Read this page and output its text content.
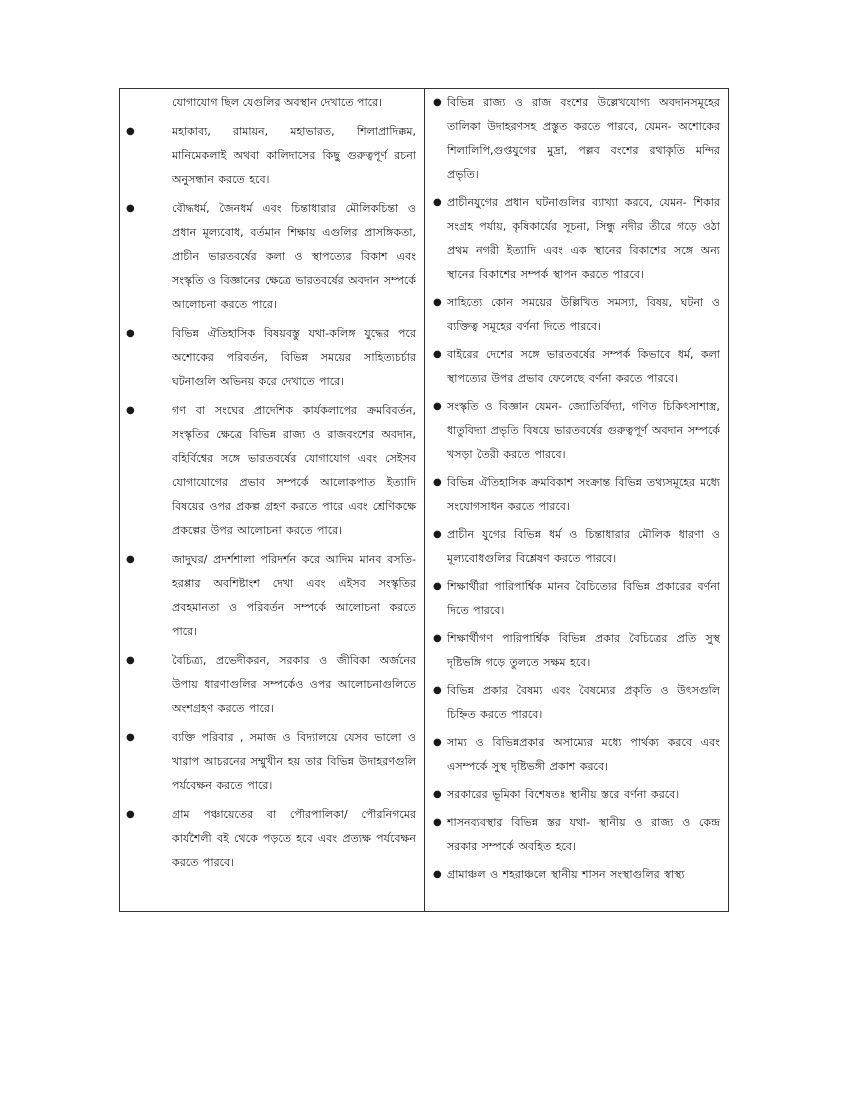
যোগাযোগ ছিল যেগুলির অবস্থান দেখাতে পারে।

●	মহাকাব্য, রামায়ন, মহাভারত, শিলাপ্রাদিক্কম, মানিমেকলাই অথবা কালিদাসের কিছু গুরুত্বপূর্ণ রচনা অনুসন্ধান করতে হবে।
●	বৌদ্ধধর্ম, জৈনধর্ম এবং চিন্তাধারার মৌলিকচিন্তা ও প্রধান মূল্যবোধ, বর্তমান শিক্ষায় এগুলির প্রাসঙ্গিকতা, প্রাচীন ভারতবর্ষের কলা ও স্থাপত্যের বিকাশ এবং সংস্কৃতি ও বিজ্ঞানের ক্ষেত্রে ভারতবর্ষের অবদান সম্পর্কে আলোচনা করতে পারে।
●	বিভিন্ন ঐতিহাসিক বিষয়বস্তু যথা-কলিঙ্গ যুদ্ধের পরে অশোকের পরিবর্তন, বিভিন্ন সময়ের সাহিত্যচর্চার ঘটনাগুলি অভিনয় করে দেখাতে পারে।
●	গণ বা সংঘের প্রাদেশিক কার্যকলাপের ক্রমবিবর্তন, সংস্কৃতির ক্ষেত্রে বিভিন্ন রাজ্য ও রাজবংশের অবদান, বহির্বিশ্বের সঙ্গে ভারতবর্ষের যোগাযোগ এবং সেইসব যোগাযোগের প্রভাব সম্পর্কে আলোকপাত ইত্যাদি বিষয়ের ওপর প্রকল্প গ্রহণ করতে পারে এবং শ্রেণিকক্ষে প্রকল্পের উপর আলোচনা করতে পারে।
●	জাদুঘর/ প্রদর্শশালা পরিদর্শন করে আদিম মানব বসতি-হরপ্পার অবশিষ্টাংশ দেখা এবং এইসব সংস্কৃতির প্রবহমানতা ও পরিবর্তন সম্পর্কে আলোচনা করতে পারে।
●	বৈচিত্র্য, প্রভেদীকরন, সরকার ও জীবিকা অর্জনের উপায় ধারণাগুলির সম্পর্কেও ওপর আলোচনাগুলিতে অংশগ্রহণ করতে পারে।
●	ব্যক্তি পরিবার , সমাজ ও বিদ্যালয়ে যেসব ভালো ও খারাপ আচরনের সম্মুখীন হয় তার বিভিন্ন উদাহরণগুলি পর্যবেক্ষন করতে পারে।
●	গ্রাম পঞ্চায়েতের বা পৌরপালিকা/ পৌরনিগমের কার্যশৈলী বই থেকে পড়তে হবে এবং প্রত্যক্ষ পর্যবেক্ষন করতে পারবে।
● বিভিন্ন রাজ্য ও রাজ বংশের উল্লেখযোগ্য অবদানসমূহের তালিকা উদাহরণসহ প্রস্তুত করতে পারবে, যেমন- অশোকের শিলালিপি,গুপ্তযুগের মুদ্রা, পল্লব বংশের রথাকৃতি মন্দির প্রভৃতি।
● প্রাচীনযুগের প্রধান ঘটনাগুলির ব্যাখ্যা করবে, যেমন- শিকার সংগ্রহ পর্যায়, কৃষিকার্যের সূচনা, সিন্ধু নদীর তীরে গড়ে ওঠা প্রথম নগরী ইত্যাদি এবং এক স্থানের বিকাশের সঙ্গে অন্য স্থানের বিকাশের সম্পর্ক স্থাপন করতে পারবে।
● সাহিত্যে কোন সময়ের উল্লিখিত সমস্যা, বিষয়, ঘটনা ও ব্যক্তিত্ব সমূহের বর্ণনা দিতে পারবে।
● বাইরের দেশের সঙ্গে ভারতবর্ষের সম্পর্ক কিভাবে ধর্ম, কলা স্থাপত্যের উপর প্রভাব ফেলেছে বর্ণনা করতে পারবে।
● সংস্কৃতি ও বিজ্ঞান যেমন- জ্যোতির্বিদ্যা, গণিত চিকিৎসাশাস্ত্র, ধাতুবিদ্যা প্রভৃতি বিষয়ে ভারতবর্ষের গুরুত্বপূর্ণ অবদান সম্পর্কে খসড়া তৈরী করতে পারবে।
● বিভিন্ন ঐতিহাসিক ক্রমবিকাশ সংক্রান্ত বিভিন্ন তথ্যসমূহের মধ্যে সংযোগসাধন করতে পারবে।
● প্রাচীন যুগের বিভিন্ন ধর্ম ও চিন্তাধারার মৌলিক ধারণা ও মূল্যবোধগুলির বিশ্লেষণ করতে পারবে।
● শিক্ষার্থীরা পারিপার্শ্বিক মানব বৈচিত্যের বিভিন্ন প্রকারের বর্ণনা দিতে পারবে।
● শিক্ষার্থীগণ পারিপার্শ্বিক বিভিন্ন প্রকার বৈচিত্রের প্রতি সুস্থ দৃষ্টিভঙ্গি গড়ে তুলতে সক্ষম হবে।
● বিভিন্ন প্রকার বৈষম্য এবং বৈষম্যের প্রকৃতি ও উৎসগুলি চিহ্নিত করতে পারবে।
● সাম্য ও বিভিন্নপ্রকার অসাম্যের মধ্যে পার্থক্য করবে এবং এসম্পর্কে সুস্থ দৃষ্টিভঙ্গী প্রকাশ করবে।
● সরকারের ভূমিকা বিশেষতঃ স্থানীয় স্তরে বর্ণনা করবে।
● শাসনব্যবস্থার বিভিন্ন স্তর যথা- স্থানীয় ও রাজ্য ও কেন্দ্র সরকার সম্পর্কে অবহিত হবে।
● গ্রামাঞ্চল ও শহরাঞ্চলে স্থানীয় শাসন সংস্থাগুলির স্বাস্থ্য
